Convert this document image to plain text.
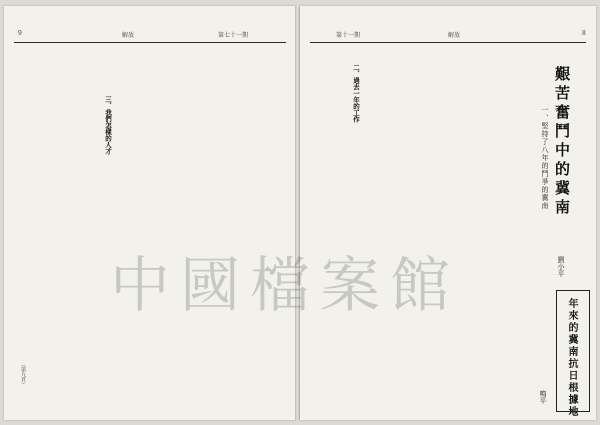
9	解放	第七十一期
三、我們怎樣的人才
（第九頁）
第十一期	解放	8
艱苦奮鬥中的冀南
一、堅持了八年的鬥爭的冀南
劉小平
二、過去一年的工作
年來的冀南抗日根據地
鳴平
中國檔案館
